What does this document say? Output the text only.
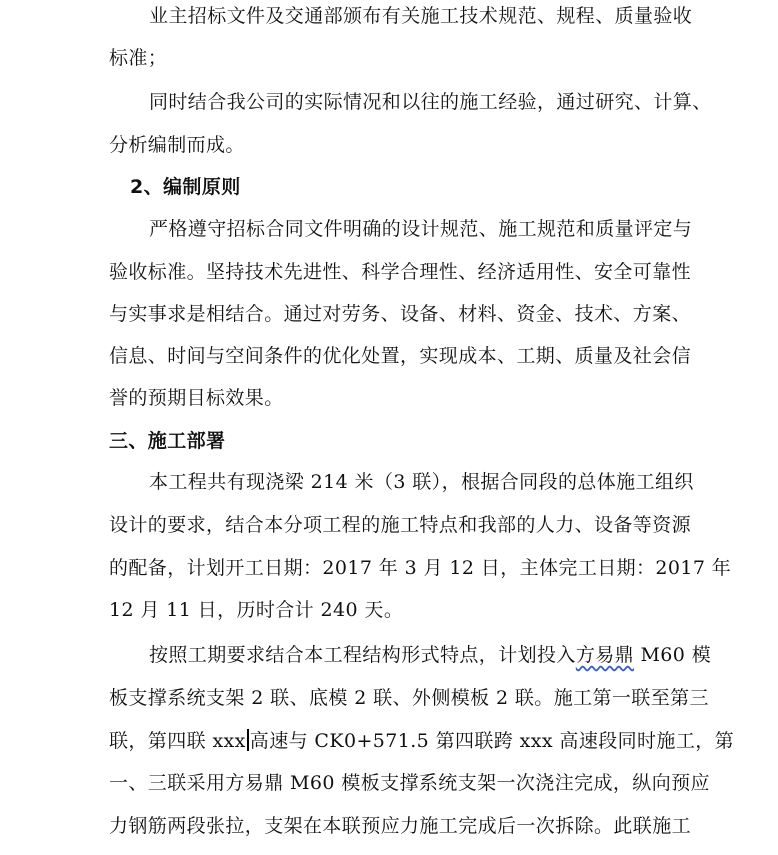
业主招标文件及交通部颁布有关施工技术规范、规程、质量验收
标准；
同时结合我公司的实际情况和以往的施工经验，通过研究、计算、
分析编制而成。
2、编制原则
严格遵守招标合同文件明确的设计规范、施工规范和质量评定与
验收标准。坚持技术先进性、科学合理性、经济适用性、安全可靠性
与实事求是相结合。通过对劳务、设备、材料、资金、技术、方案、
信息、时间与空间条件的优化处置，实现成本、工期、质量及社会信
誉的预期目标效果。
三、施工部署
本工程共有现浇梁 214 米（3 联），根据合同段的总体施工组织
设计的要求，结合本分项工程的施工特点和我部的人力、设备等资源
的配备，计划开工日期：2017 年 3 月 12 日，主体完工日期：2017 年
12 月 11 日，历时合计 240 天。
按照工期要求结合本工程结构形式特点，计划投入方易鼎 M60 模
板支撑系统支架 2 联、底模 2 联、外侧模板 2 联。施工第一联至第三
联，第四联 xxx 高速与 CK0+571.5 第四联跨 xxx 高速段同时施工，第
一、三联采用方易鼎 M60 模板支撑系统支架一次浇注完成，纵向预应
力钢筋两段张拉，支架在本联预应力施工完成后一次拆除。此联施工
